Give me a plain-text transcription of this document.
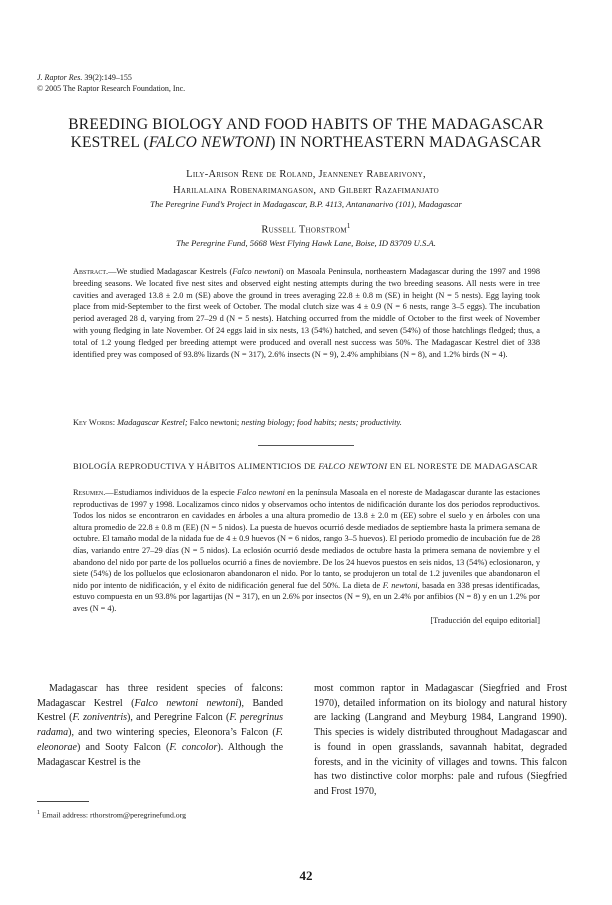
J. Raptor Res. 39(2):149–155
© 2005 The Raptor Research Foundation, Inc.
BREEDING BIOLOGY AND FOOD HABITS OF THE MADAGASCAR
KESTREL (FALCO NEWTONI) IN NORTHEASTERN MADAGASCAR
Lily-Arison Rene de Roland, Jeanneney Rabearivony,
Harilalaina Robenarimangason, and Gilbert Razafimanjato
The Peregrine Fund’s Project in Madagascar, B.P. 4113, Antananarivo (101), Madagascar
Russell Thorstrom$^1$
The Peregrine Fund, 5668 West Flying Hawk Lane, Boise, ID 83709 U.S.A.
Abstract.—We studied Madagascar Kestrels (Falco newtoni) on Masoala Peninsula, northeastern Madagascar during the 1997 and 1998 breeding seasons. We located five nest sites and observed eight nesting attempts during the two breeding seasons. All nests were in tree cavities and averaged 13.8 ± 2.0 m (SE) above the ground in trees averaging 22.8 ± 0.8 m (SE) in height (N = 5 nests). Egg laying took place from mid-September to the first week of October. The modal clutch size was 4 ± 0.9 (N = 6 nests, range 3–5 eggs). The incubation period averaged 28 d, varying from 27–29 d (N = 5 nests). Hatching occurred from the middle of October to the first week of November with young fledging in late November. Of 24 eggs laid in six nests, 13 (54%) hatched, and seven (54%) of those hatchlings fledged; thus, a total of 1.2 young fledged per breeding attempt were produced and overall nest success was 50%. The Madagascar Kestrel diet of 338 identified prey was composed of 93.8% lizards (N = 317), 2.6% insects (N = 9), 2.4% amphibians (N = 8), and 1.2% birds (N = 4).
Key Words: Madagascar Kestrel; Falco newtoni; nesting biology; food habits; nests; productivity.
BIOLOGÍA REPRODUCTIVA Y HÁBITOS ALIMENTICIOS DE FALCO NEWTONI EN EL NORESTE DE MADAGASCAR
Resumen.—Estudiamos individuos de la especie Falco newtoni en la península Masoala en el noreste de Madagascar durante las estaciones reproductivas de 1997 y 1998. Localizamos cinco nidos y observamos ocho intentos de nidificación durante los dos periodos reproductivos. Todos los nidos se encontraron en cavidades en árboles a una altura promedio de 13.8 ± 2.0 m (EE) sobre el suelo y en árboles con una altura promedio de 22.8 ± 0.8 m (EE) (N = 5 nidos). La puesta de huevos ocurrió desde mediados de septiembre hasta la primera semana de octubre. El tamaño modal de la nidada fue de 4 ± 0.9 huevos (N = 6 nidos, rango 3–5 huevos). El periodo promedio de incubación fue de 28 días, variando entre 27–29 días (N = 5 nidos). La eclosión ocurrió desde mediados de octubre hasta la primera semana de noviembre y el abandono del nido por parte de los polluelos ocurrió a fines de noviembre. De los 24 huevos puestos en seis nidos, 13 (54%) eclosionaron, y siete (54%) de los polluelos que eclosionaron abandonaron el nido. Por lo tanto, se produjeron un total de 1.2 juveniles que abandonaron el nido por intento de nidificación, y el éxito de nidificación general fue del 50%. La dieta de F. newtoni, basada en 338 presas identificadas, estuvo compuesta en un 93.8% por lagartijas (N = 317), en un 2.6% por insectos (N = 9), en un 2.4% por anfibios (N = 8) y en un 1.2% por aves (N = 4).
[Traducción del equipo editorial]
Madagascar has three resident species of falcons: Madagascar Kestrel (Falco newtoni newtoni), Banded Kestrel (F. zoniventris), and Peregrine Falcon (F. peregrinus radama), and two wintering species, Eleonora’s Falcon (F. eleonorae) and Sooty Falcon (F. concolor). Although the Madagascar Kestrel is the
most common raptor in Madagascar (Siegfried and Frost 1970), detailed information on its biology and natural history are lacking (Langrand and Meyburg 1984, Langrand 1990). This species is widely distributed throughout Madagascar and is found in open grasslands, savannah habitat, degraded forests, and in the vicinity of villages and towns. This falcon has two distinctive color morphs: pale and rufous (Siegfried and Frost 1970,
$^1$ Email address: rthorstrom@peregrinefund.org
42
